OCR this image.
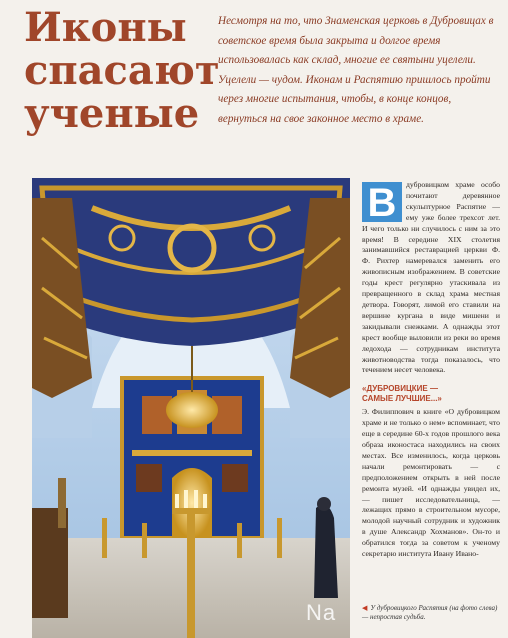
Иконы
спасают
ученые

Несмотря на то, что Знаменская церковь в Дубровицах в советское время была закрыта и долгое время использовалась как склад, многие ее святыни уцелели. Уцелели — чудом. Иконам и Распятию пришлось пройти через многие испытания, чтобы, в конце концов, вернуться на свое законное место в храме.

В	дубровицком храме особо почитают деревянное скульптурное Распятие — ему уже более трехсот лет. И чего только ни случилось с ним за это время! В середине XIX столетия занимавшийся реставрацией церкви Ф. Ф. Рихтер намеревался заменить его живописным изображением. В советские годы крест регулярно утаскивала из превращенного в склад храма местная детвора. Говорят, лимой его ставили на вершине кургана в виде мишени и закидывали снежками. А однажды этот крест вообще выловили из реки во время ледохода — сотрудникам института животноводства тогда показалось, что течением несет человека.

«ДУБРОВИЦКИЕ —
САМЫЕ ЛУЧШИЕ...»

Э. Филиппович в книге «О дубровицком храме и не только о нем» вспоминает, что еще в середине 60-х годов прошлого века образа иконостаса находились на своих местах. Все изменилось, когда церковь начали ремонтировать — с предположением открыть в ней после ремонта музей. «И однажды увидел их, — пишет исследовательница, — лежащих прямо в строительном мусоре, молодой научный сотрудник и художник в душе Александр Хохманов». Он-то и обратился тогда за советом к ученому секретарю института Ивану Ивано-

◀ У дубровицкого Распятия (на фото слева) — непростая судьба.
Na
